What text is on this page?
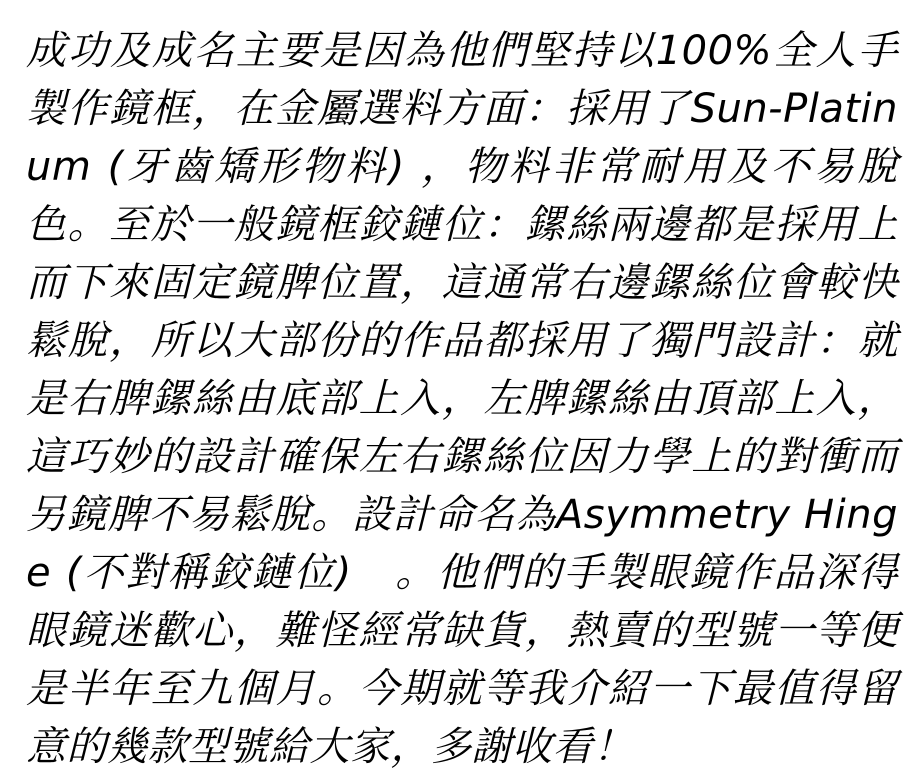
成功及成名主要是因為他們堅持以100%全人手製作鏡框，在金屬選料方面：採用了Sun-Platinum (牙齒矯形物料) ，物料非常耐用及不易脫色。至於一般鏡框鉸鏈位：鏍絲兩邊都是採用上而下來固定鏡脾位置，這通常右邊鏍絲位會較快鬆脫，所以大部份的作品都採用了獨門設計：就是右脾鏍絲由底部上入，左脾鏍絲由頂部上入，這巧妙的設計確保左右鏍絲位因力學上的對衝而另鏡脾不易鬆脫。設計命名為Asymmetry Hinge (不對稱鉸鏈位)　。他們的手製眼鏡作品深得眼鏡迷歡心，難怪經常缺貨，熱賣的型號一等便是半年至九個月。今期就等我介紹一下最值得留意的幾款型號給大家，多謝收看！
